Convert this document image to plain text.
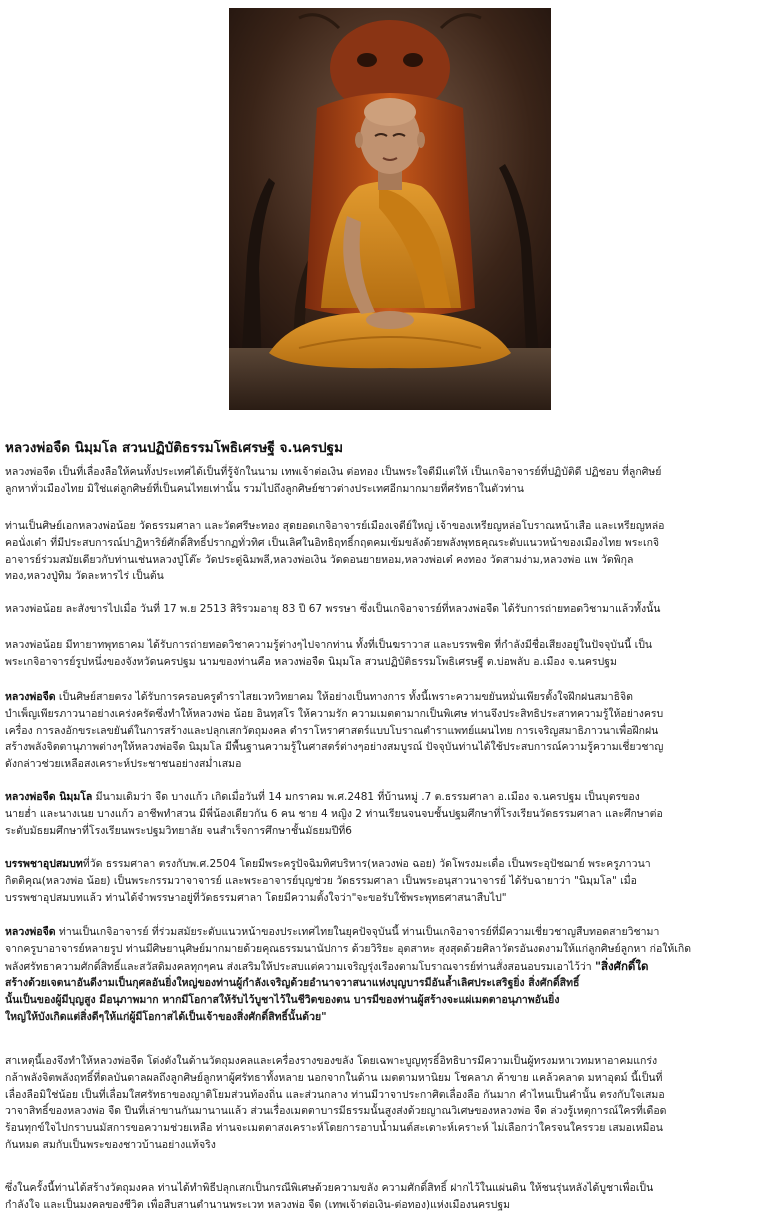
หลวงพ่อจืด นิมฺมโล สวนปฏิบัติธรรมโพธิเศรษฐี จ.นครปฐม

หลวงพ่อจืด เป็นที่เลื่องลือให้คนทั้งประเทศได้เป็นที่รู้จักในนาม เทพเจ้าต่อเงิน ต่อทอง เป็นพระใจดีมีแต่ให้ เป็นเกจิอาจารย์ที่ปฏิบัติดี ปฏิชอบ ที่ลูกศิษย์

ลูกหาทั่วเมืองไทย มิใช่แต่ลูกศิษย์ที่เป็นคนไทยเท่านั้น รวมไปถึงลูกศิษย์ชาวต่างประเทศอีกมากมายที่ศรัทธาในตัวท่าน

ท่านเป็นศิษย์เอกหลวงพ่อน้อย วัดธรรมศาลา และวัดศรีษะทอง สุดยอดเกจิอาจารย์เมืองเจดีย์ใหญ่ เจ้าของเหรียญหล่อโบราณหน้าเสือ และเหรียญหล่อ

คอนั่งเต๋า ที่มีประสบการณ์ปาฏิหาริย์ศักดิ์สิทธิ์ปรากฏทั่วทิศ เป็นเลิศในอิทธิฤทธิ์กฤตคมเข้มขลังด้วยพลังพุทธคุณระดับแนวหน้าของเมืองไทย พระเกจิ

อาจารย์ร่วมสมัยเดียวกับท่านเช่นหลวงปู่โต๊ะ วัดประดู่ฉิมพลี,หลวงพ่อเงิน วัดดอนยายหอม,หลวงพ่อเต๋ คงทอง วัดสามง่าม,หลวงพ่อ แพ วัดพิกุล

ทอง,หลวงปู่ทิม วัดละหารไร่ เป็นต้น

หลวงพ่อน้อย ละสังขารไปเมื่อ วันที่ 17 พ.ย 2513 สิริรวมอายุ 83 ปี 67 พรรษา ซึ่งเป็นเกจิอาจารย์ที่หลวงพ่อจืด ได้รับการถ่ายทอดวิชามาแล้วทั้งนั้น

หลวงพ่อน้อย มีทายาทพุทธาคม ได้รับการถ่ายทอดวิชาความรู้ต่างๆไปจากท่าน ทั้งที่เป็นฆราวาส และบรรพชิต ที่กำลังมีชื่อเสียงอยู่ในปัจจุบันนี้ เป็น

พระเกจิอาจารย์รูปหนึ่งของจังหวัดนครปฐม นามของท่านคือ หลวงพ่อจืด นิมฺมโล สวนปฏิบัติธรรมโพธิเศรษฐี ต.บ่อพลับ อ.เมือง จ.นครปฐม

หลวงพ่อจืด เป็นศิษย์สายตรง ได้รับการครอบครูตำราไสยเวทวิทยาคม ให้อย่างเป็นทางการ ทั้งนี้เพราะความขยันหมั่นเพียรตั้งใจฝึกฝนสมาธิจิต

บำเพ็ญเพียรภาวนาอย่างเคร่งครัดซึ่งทำให้หลวงพ่อ น้อย อินทฺสโร ให้ความรัก ความเมตตามากเป็นพิเศษ ท่านจึงประสิทธิประสาทความรู้ให้อย่างครบ

เครื่อง การลงอักขระเลขยันต์ในการสร้างและปลุกเสกวัตถุมงคล ตำราโหราศาสตร์แบบโบราณตำราแพทย์แผนไทย การเจริญสมาธิภาวนาเพื่อฝึกฝน

สร้างพลังจิตตานุภาพต่างๆให้หลวงพ่อจืด นิมฺมโล มีพื้นฐานความรู้ในศาสตร์ต่างๆอย่างสมบูรณ์ ปัจจุบันท่านได้ใช้ประสบการณ์ความรู้ความเชี่ยวชาญ

ดังกล่าวช่วยเหลือสงเคราะห์ประชาชนอย่างสม่ำเสมอ

หลวงพ่อจืด นิมฺมโล มีนามเดิมว่า จืด บางแก้ว เกิดเมื่อวันที่ 14 มกราคม พ.ศ.2481 ที่บ้านหมู่ .7 ต.ธรรมศาลา อ.เมือง จ.นครปฐม เป็นบุตรของ

นายฮ่ำ และนางเนย บางแก้ว อาชีพทำสวน มีพี่น้องเดียวกัน 6 คน ชาย 4 หญิง 2 ท่านเรียนจนจบชั้นปฐมศึกษาที่โรงเรียนวัดธรรมศาลา และศึกษาต่อ

ระดับมัธยมศึกษาที่โรงเรียนพระปฐมวิทยาลัย จนสำเร็จการศึกษาชั้นมัธยมปีที่6

บรรพชาอุปสมบทที่วัด ธรรมศาลา ตรงกับพ.ศ.2504 โดยมีพระครูปัจฉิมทิศบริหาร(หลวงพ่อ ฉอย) วัดโพรงมะเดื่อ เป็นพระอุปัชฌาย์ พระครูภาวนา

กิตติคุณ(หลวงพ่อ น้อย) เป็นพระกรรมวาจาจารย์ และพระอาจารย์บุญช่วย วัดธรรมศาลา เป็นพระอนุสาวนาจารย์ ได้รับฉายาว่า "นิมฺมโล" เมื่อ

บรรพชาอุปสมบทแล้ว ท่านได้จำพรรษาอยู่ที่วัดธรรมศาลา โดยมีความตั้งใจว่า"จะขอรับใช้พระพุทธศาสนาสืบไป"

หลวงพ่อจืด ท่านเป็นเกจิอาจารย์ ที่ร่วมสมัยระดับแนวหน้าของประเทศไทยในยุคปัจจุบันนี้ ท่านเป็นเกจิอาจารย์ที่มีความเชี่ยวชาญสืบทอดสายวิชามา

จากครูบาอาจารย์หลายรูป ท่านมีศิษยานุศิษย์มากมายด้วยคุณธรรมนานัปการ ด้วยวิริยะ อุตสาหะ สุงสุดด้วยศิลาวัตรอันงดงามให้แก่ลูกศิษย์ลูกหา ก่อให้เกิด

พลังศรัทธาความศักดิ์สิทธิ์และสวัสดิมงคลทุกๆคน ส่งเสริมให้ประสบแต่ความเจริญรุ่งเรืองตามโบราณจารย์ท่านสั่งสอนอบรมเอาไว้ว่า "สิ่งศักดิ์ใด

สร้างด้วยเจตนาอันดีงามเป็นกุศลอันยิ่งใหญ่ของท่านผู้กำลังเจริญด้วยอำนาจวาสนาแห่งบุญบารมีอันล้ำเลิศประเสริฐยิ่ง สิ่งศักดิ์สิทธิ์

นั้นเป็นของผู้มีบุญสูง มีอนุภาพมาก หากมีโอกาสให้รับไว้บูชาไว้ในชีวิตของตน บารมีของท่านผู้สร้างจะแผ่เมตตาอนุภาพอันยิ่ง

ใหญ่ให้บังเกิดแต่สิ่งดีๆให้แก่ผู้มีโอกาสได้เป็นเจ้าของสิ่งศักดิ์สิทธิ์นั้นด้วย"

สาเหตุนี้เองจึงทำให้หลวงพ่อจืด โด่งดังในด้านวัตถุมงคลและเครื่องรางของขลัง โดยเฉพาะบูญทุรธิ์อิทธิบารมีความเป็นผู้ทรงมหาเวทมหาอาคมแกร่ง

กล้าพลังจิตพลังฤทธิ์ที่ดลบันดาลผลถึงลูกศิษย์ลูกหาผู้ศรัทธาทั้งหลาย นอกจากในด้าน เมตตามหานิยม โชคลาภ ค้าขาย แคล้วคลาด มหาอุตม์ นี้เป็นที่

เลื่องลือมิใช่น้อย เป็นที่เลื่อมใสศรัทธาของญาติโยมส่วนท้องถิ่น และส่วนกลาง ท่านมีวาจาประกาศิตเลื่องลือ กันมาก คำไหนเป็นคำนั้น ตรงกับใจเสมอ

วาจาสิทธิ์ของหลวงพ่อ จืด ปีนที่เล่าขานกันมานานแล้ว ส่วนเรื่องเมตตาบารมีธรรมนั้นสูงส่งด้วยญาณวิเศษของหลวงพ่อ จืด ล่วงรู้เหตุการณ์ใครที่เดือด

ร้อนทุกข์ใจไปกราบนมัสการขอความช่วยเหลือ ท่านจะเมตตาสงเคราะห์โดยการอาบน้ำมนต์สะเดาะห์เคราะห์ ไม่เลือกว่าใครจนใครรวย เสมอเหมือน

กันหมด สมกับเป็นพระของชาวบ้านอย่างแท้จริง

ซึ่งในครั้งนี้ท่านได้สร้างวัตถุมงคล ท่านได้ทำพิธีปลุกเสกเป็นกรณีพิเศษด้วยความขลัง ความศักดิ์สิทธิ์ ฝากไว้ในแผ่นดิน ให้ชนรุ่นหลังได้บูชาเพื่อเป็น

กำลังใจ และเป็นมงคลของชีวิต เพื่อสืบสานตำนานพระเวท หลวงพ่อ จืด (เทพเจ้าต่อเงิน-ต่อทอง)แห่งเมืองนครปฐม
